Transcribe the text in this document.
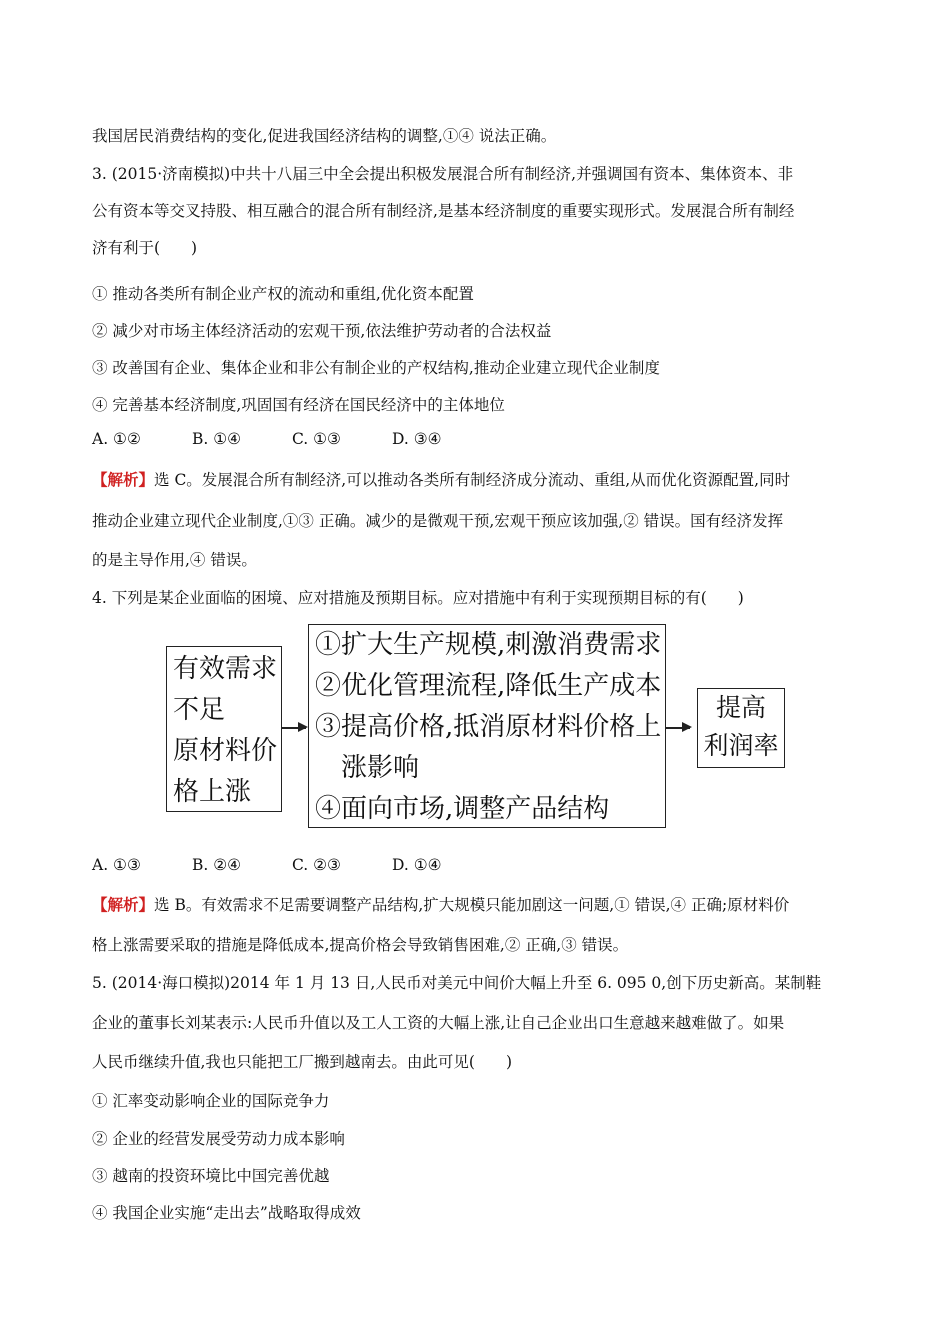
我国居民消费结构的变化,促进我国经济结构的调整,①④ 说法正确。
3. (2015·济南模拟)中共十八届三中全会提出积极发展混合所有制经济,并强调国有资本、集体资本、非
公有资本等交叉持股、相互融合的混合所有制经济,是基本经济制度的重要实现形式。发展混合所有制经
济有利于(　　)
① 推动各类所有制企业产权的流动和重组,优化资本配置
② 减少对市场主体经济活动的宏观干预,依法维护劳动者的合法权益
③ 改善国有企业、集体企业和非公有制企业的产权结构,推动企业建立现代企业制度
④ 完善基本经济制度,巩固国有经济在国民经济中的主体地位
A. ①②	B. ①④	C. ①③	D. ③④
【解析】选 C。发展混合所有制经济,可以推动各类所有制经济成分流动、重组,从而优化资源配置,同时
推动企业建立现代企业制度,①③ 正确。减少的是微观干预,宏观干预应该加强,② 错误。国有经济发挥
的是主导作用,④ 错误。
4. 下列是某企业面临的困境、应对措施及预期目标。应对措施中有利于实现预期目标的有(　　)
有效需求
不足
原材料价
格上涨
①扩大生产规模,刺激消费需求
②优化管理流程,降低生产成本
③提高价格,抵消原材料价格上
　涨影响
④面向市场,调整产品结构
提高
利润率
A. ①③	B. ②④	C. ②③	D. ①④
【解析】选 B。有效需求不足需要调整产品结构,扩大规模只能加剧这一问题,① 错误,④ 正确;原材料价
格上涨需要采取的措施是降低成本,提高价格会导致销售困难,② 正确,③ 错误。
5. (2014·海口模拟)2014 年 1 月 13 日,人民币对美元中间价大幅上升至 6. 095 0,创下历史新高。某制鞋
企业的董事长刘某表示:人民币升值以及工人工资的大幅上涨,让自己企业出口生意越来越难做了。如果
人民币继续升值,我也只能把工厂搬到越南去。由此可见(　　)
① 汇率变动影响企业的国际竞争力
② 企业的经营发展受劳动力成本影响
③ 越南的投资环境比中国完善优越
④ 我国企业实施“走出去”战略取得成效
